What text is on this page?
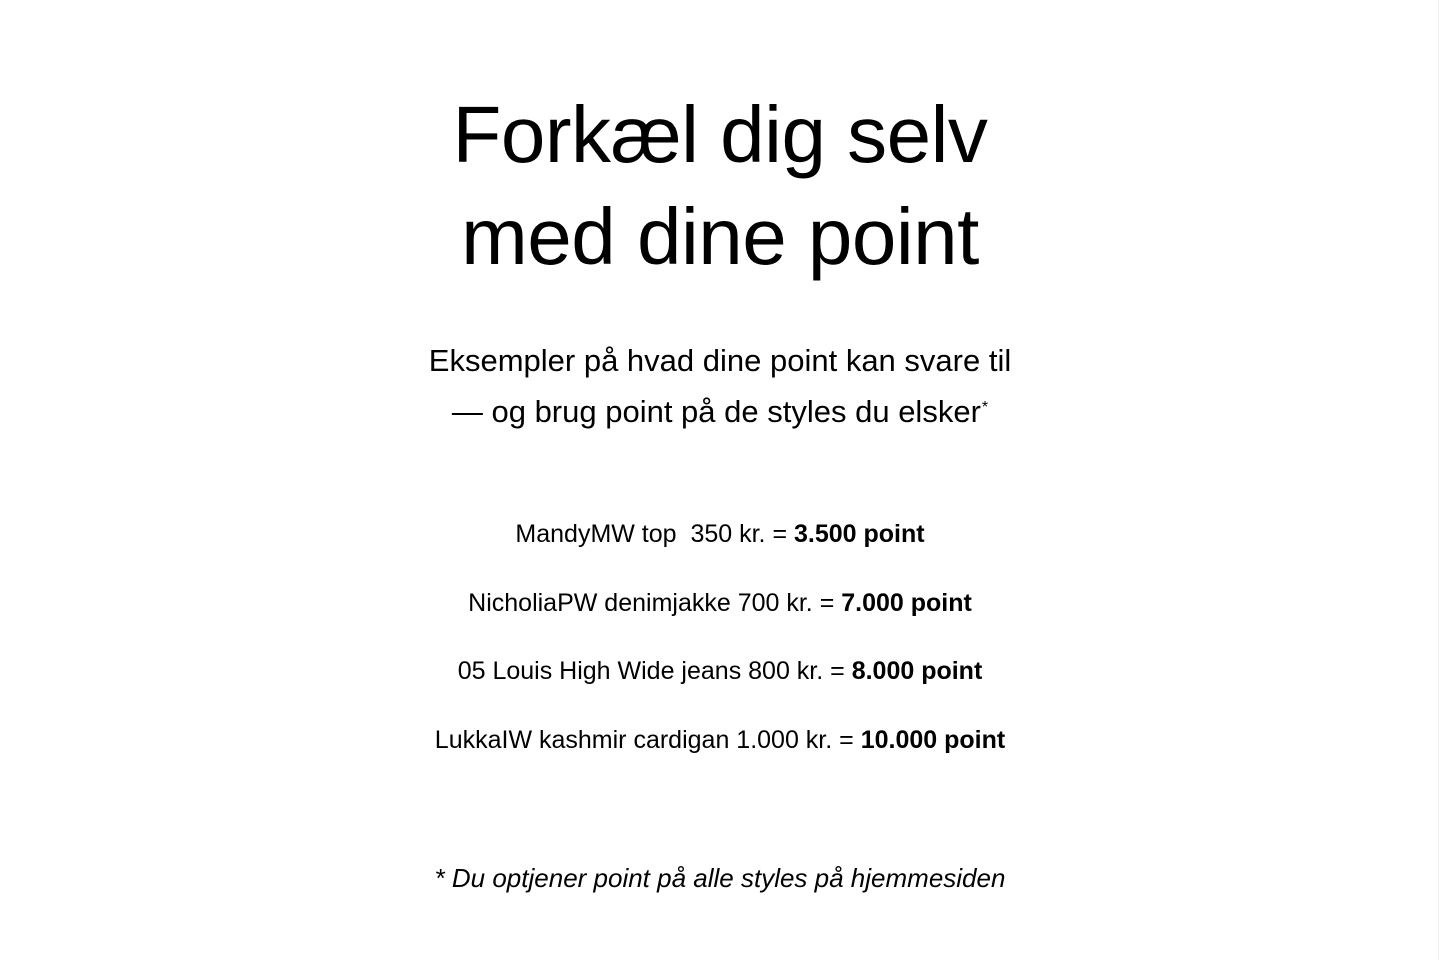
Forkæl dig selv
med dine point
Eksempler på hvad dine point kan svare til
— og brug point på de styles du elsker*
MandyMW top  350 kr. = 3.500 point
NicholiaPW denimjakke 700 kr. = 7.000 point
05 Louis High Wide jeans 800 kr. = 8.000 point
LukkaIW kashmir cardigan 1.000 kr. = 10.000 point

* Du optjener point på alle styles på hjemmesiden
